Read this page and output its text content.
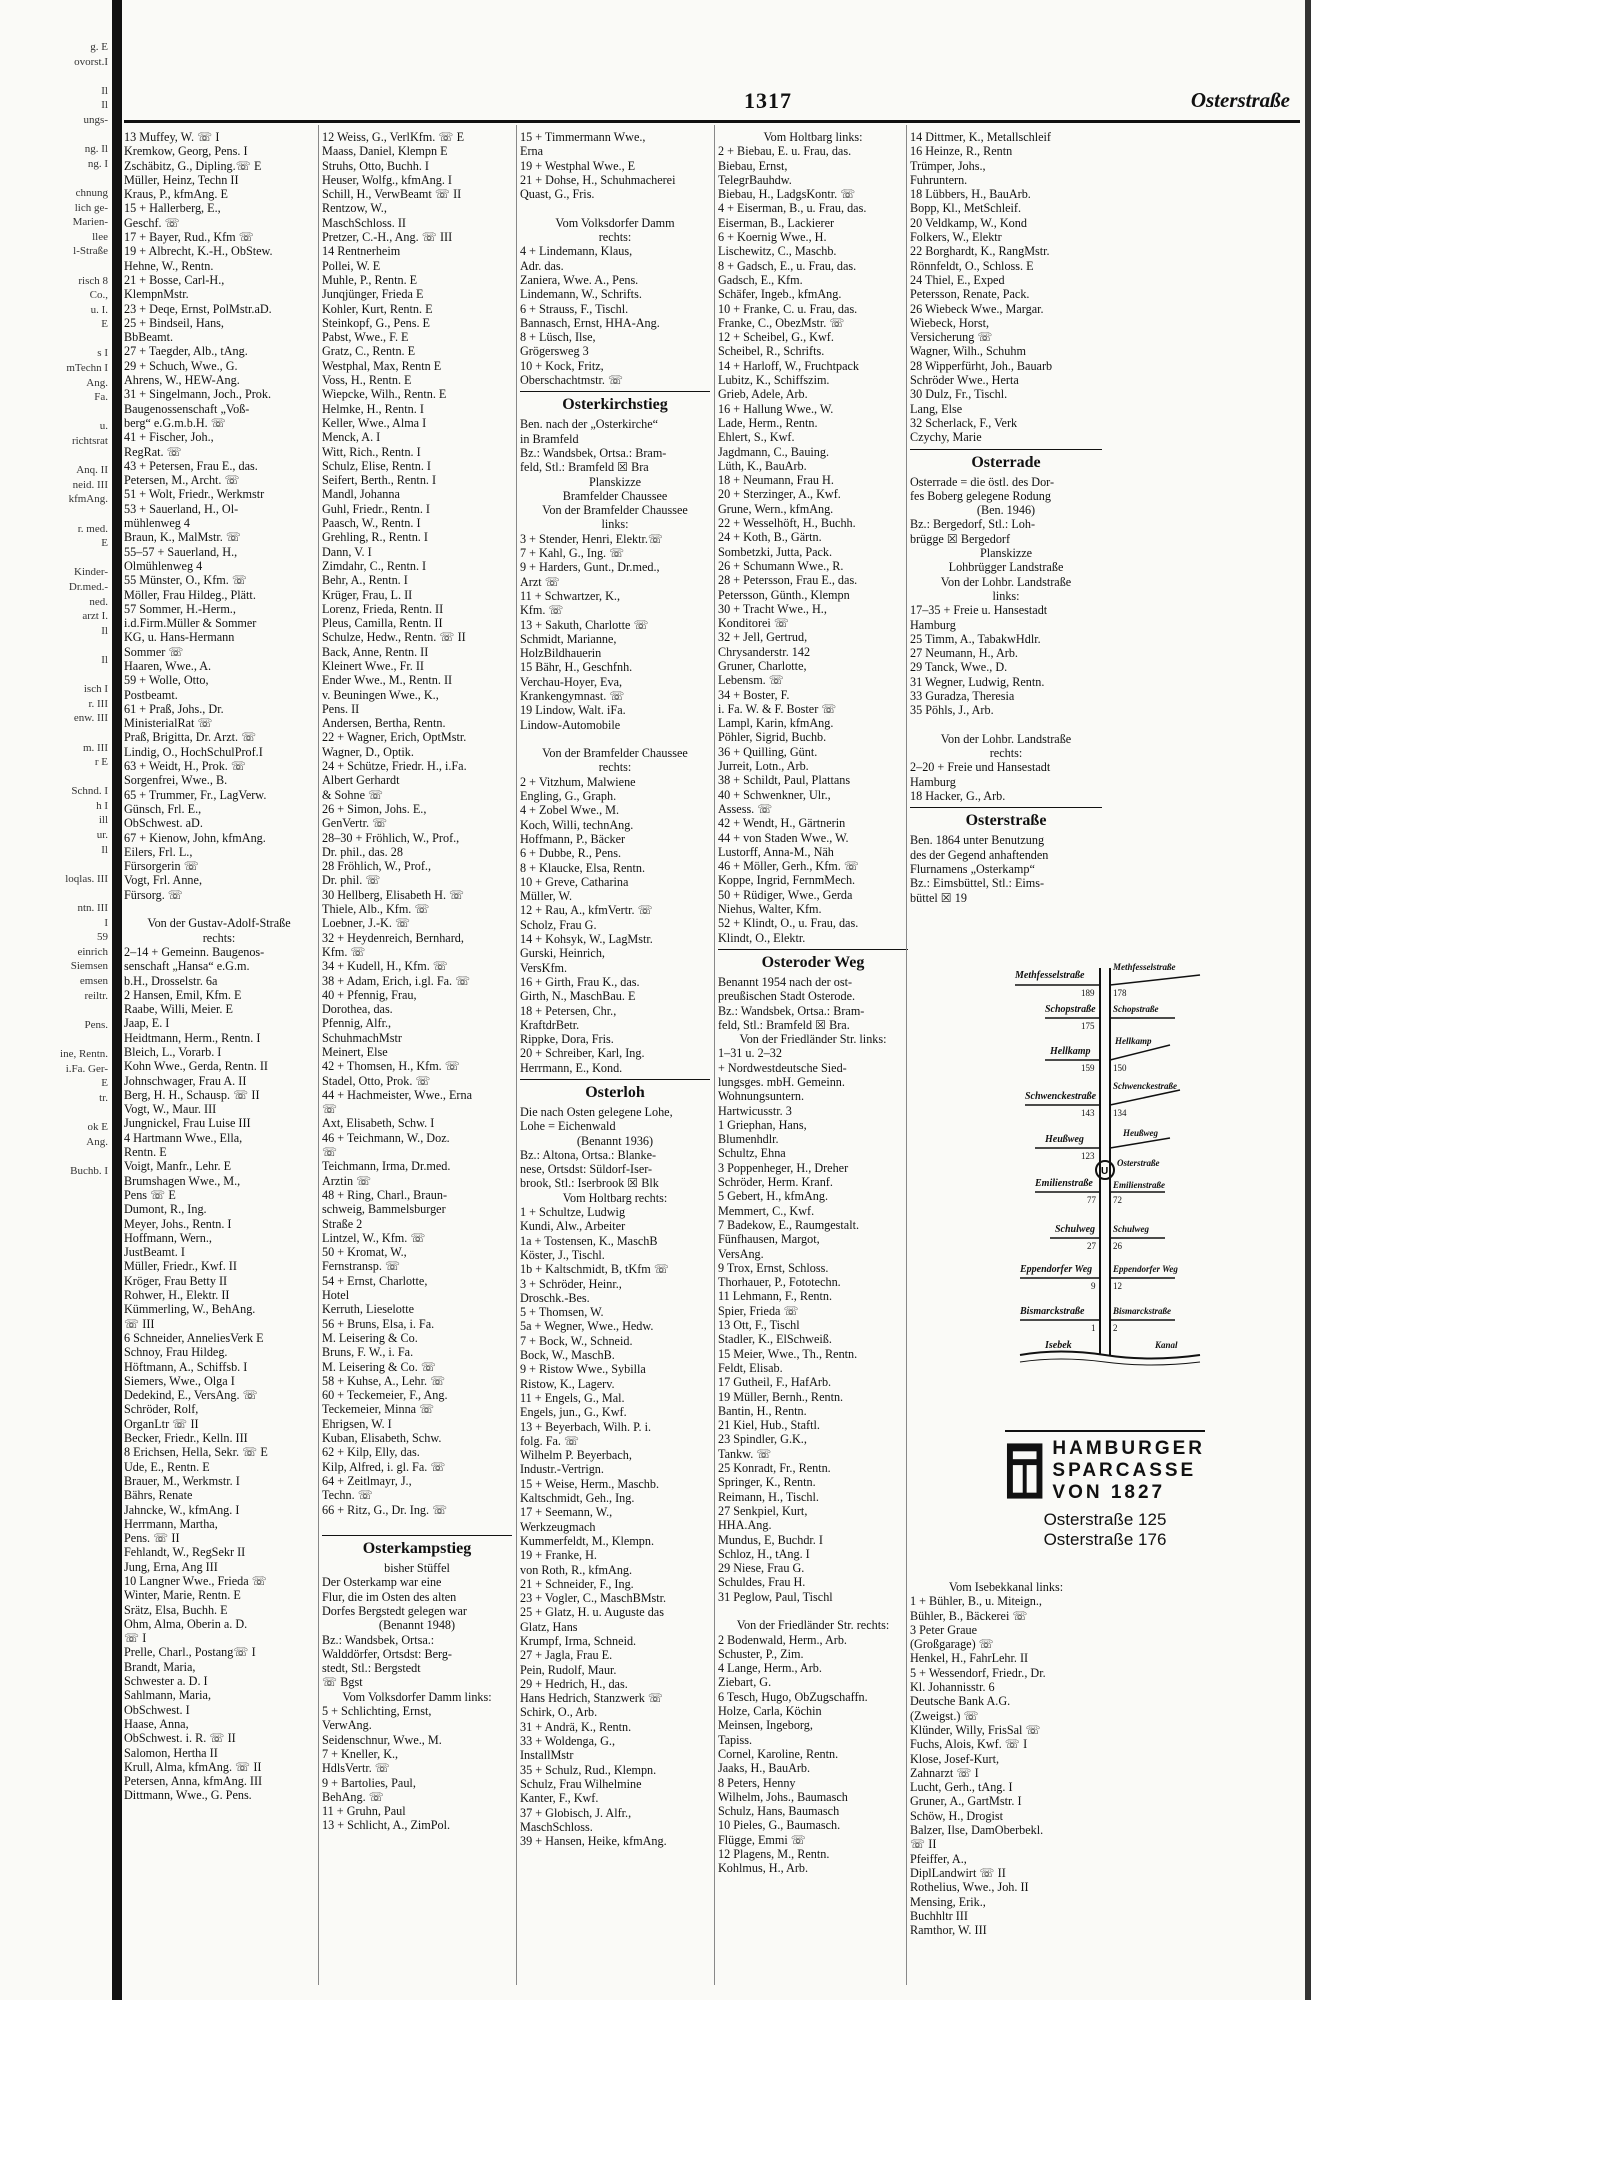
g. E
ovorst.I

Il
Il
ungs-

ng. Il
ng. I

chnung
lich ge-
Marien-
llee
l-Straße

risch 8
Co.,
u. I.
E

s I
mTechn I
Ang.
Fa.

u.
richtsrat

Anq. II
neid. III
kfmAng.

r. med.
E

Kinder-
Dr.med.-
ned.
arzt I.
Il

Il

isch I
r. III
enw. III

m. III
r E

Schnd. I
h I
ill
ur.
Il

loqlas. III

ntn. III
I
59
einrich
Siemsen
emsen
reiltr.

Pens.

ine, Rentn.
i.Fa. Ger-
E
tr.

ok E
Ang.

Buchb. I
1317	Osterstraße
13 Muffey, W. ☏ I
Kremkow, Georg, Pens. I
Zschäbitz, G., Dipling.☏ E
Müller, Heinz, Techn II
Kraus, P., kfmAng. E
15 + Hallerberg, E.,
Geschf. ☏
17 + Bayer, Rud., Kfm ☏
19 + Albrecht, K.-H., ObStew.
Hehne, W., Rentn.
21 + Bosse, Carl-H.,
KlempnMstr.
23 + Deqe, Ernst, PolMstr.aD.
25 + Bindseil, Hans,
BbBeamt.
27 + Taegder, Alb., tAng.
29 + Schuch, Wwe., G.
Ahrens, W., HEW-Ang.
31 + Singelmann, Joch., Prok.
Baugenossenschaft „Voß-
berg“ e.G.m.b.H. ☏
41 + Fischer, Joh.,
RegRat. ☏
43 + Petersen, Frau E., das.
Petersen, M., Archt. ☏
51 + Wolt, Friedr., Werkmstr
53 + Sauerland, H., Ol-
mühlenweg 4
Braun, K., MalMstr. ☏
55–57 + Sauerland, H.,
Olmühlenweg 4
55 Münster, O., Kfm. ☏
Möller, Frau Hildeg., Plätt.
57 Sommer, H.-Herm.,
i.d.Firm.Müller & Sommer
KG, u. Hans-Hermann
Sommer ☏
Haaren, Wwe., A.
59 + Wolle, Otto,
Postbeamt.
61 + Praß, Johs., Dr.
MinisterialRat ☏
Praß, Brigitta, Dr. Arzt. ☏
Lindig, O., HochSchulProf.I
63 + Weidt, H., Prok. ☏
Sorgenfrei, Wwe., B.
65 + Trummer, Fr., LagVerw.
Günsch, Frl. E.,
ObSchwest. aD.
67 + Kienow, John, kfmAng.
Eilers, Frl. L.,
Fürsorgerin ☏
Vogt, Frl. Anne,
Fürsorg. ☏

Von der Gustav-Adolf-Straße
rechts:
2–14 + Gemeinn. Baugenos-
senschaft „Hansa“ e.G.m.
b.H., Drosselstr. 6a
2 Hansen, Emil, Kfm. E
Raabe, Willi, Meier. E
Jaap, E. I
Heidtmann, Herm., Rentn. I
Bleich, L., Vorarb. I
Kohn Wwe., Gerda, Rentn. II
Johnschwager, Frau A. II
Berg, H. H., Schausp. ☏ II
Vogt, W., Maur. III
Jungnickel, Frau Luise III
4 Hartmann Wwe., Ella,
Rentn. E
Voigt, Manfr., Lehr. E
Brumshagen Wwe., M.,
Pens ☏ E
Dumont, R., Ing.
Meyer, Johs., Rentn. I
Hoffmann, Wern.,
JustBeamt. I
Müller, Friedr., Kwf. II
Kröger, Frau Betty II
Rohwer, H., Elektr. II
Kümmerling, W., BehAng.
☏ III
6 Schneider, AnneliesVerk E
Schnoy, Frau Hildeg.
Höftmann, A., Schiffsb. I
Siemers, Wwe., Olga I
Dedekind, E., VersAng. ☏
Schröder, Rolf,
OrganLtr ☏ II
Becker, Friedr., Kelln. III
8 Erichsen, Hella, Sekr. ☏ E
Ude, E., Rentn. E
Brauer, M., Werkmstr. I
Bährs, Renate
Jahncke, W., kfmAng. I
Herrmann, Martha,
Pens. ☏ II
Fehlandt, W., RegSekr II
Jung, Erna, Ang III
10 Langner Wwe., Frieda ☏
Winter, Marie, Rentn. E
Srätz, Elsa, Buchh. E
Ohm, Alma, Oberin a. D.
☏ I
Prelle, Charl., Postang☏ I
Brandt, Maria,
Schwester a. D. I
Sahlmann, Maria,
ObSchwest. I
Haase, Anna,
ObSchwest. i. R. ☏ II
Salomon, Hertha II
Krull, Alma, kfmAng. ☏ II
Petersen, Anna, kfmAng. III
Dittmann, Wwe., G. Pens.
12 Weiss, G., VerlKfm. ☏ E
Maass, Daniel, Klempn E
Struhs, Otto, Buchh. I
Heuser, Wolfg., kfmAng. I
Schill, H., VerwBeamt ☏ II
Rentzow, W.,
MaschSchloss. II
Pretzer, C.-H., Ang. ☏ III
14 Rentnerheim
Pollei, W. E
Muhle, P., Rentn. E
Junqjünger, Frieda E
Kohler, Kurt, Rentn. E
Steinkopf, G., Pens. E
Pabst, Wwe., F. E
Gratz, C., Rentn. E
Westphal, Max, Rentn E
Voss, H., Rentn. E
Wiepcke, Wilh., Rentn. E
Helmke, H., Rentn. I
Keller, Wwe., Alma I
Menck, A. I
Witt, Rich., Rentn. I
Schulz, Elise, Rentn. I
Seifert, Berth., Rentn. I
Mandl, Johanna
Guhl, Friedr., Rentn. I
Paasch, W., Rentn. I
Grehling, R., Rentn. I
Dann, V. I
Zimdahr, C., Rentn. I
Behr, A., Rentn. I
Krüger, Frau, L. II
Lorenz, Frieda, Rentn. II
Pleus, Camilla, Rentn. II
Schulze, Hedw., Rentn. ☏ II
Back, Anne, Rentn. II
Kleinert Wwe., Fr. II
Ender Wwe., M., Rentn. II
v. Beuningen Wwe., K.,
Pens. II
Andersen, Bertha, Rentn.
22 + Wagner, Erich, OptMstr.
Wagner, D., Optik.
24 + Schütze, Friedr. H., i.Fa.
Albert Gerhardt
& Sohne ☏
26 + Simon, Johs. E.,
GenVertr. ☏
28–30 + Fröhlich, W., Prof.,
Dr. phil., das. 28
28 Fröhlich, W., Prof.,
Dr. phil. ☏
30 Hellberg, Elisabeth H. ☏
Thiele, Alb., Kfm. ☏
Loebner, J.-K. ☏
32 + Heydenreich, Bernhard,
Kfm. ☏
34 + Kudell, H., Kfm. ☏
38 + Adam, Erich, i.gl. Fa. ☏
40 + Pfennig, Frau,
Dorothea, das.
Pfennig, Alfr.,
SchuhmachMstr
Meinert, Else
42 + Thomsen, H., Kfm. ☏
Stadel, Otto, Prok. ☏
44 + Hachmeister, Wwe., Erna
☏
Axt, Elisabeth, Schw. I
46 + Teichmann, W., Doz.
☏
Teichmann, Irma, Dr.med.
Arztin ☏
48 + Ring, Charl., Braun-
schweig, Bammelsburger
Straße 2
Lintzel, W., Kfm. ☏
50 + Kromat, W.,
Fernstransp. ☏
54 + Ernst, Charlotte,
Hotel
Kerruth, Lieselotte
56 + Bruns, Elsa, i. Fa.
M. Leisering & Co.
Bruns, F. W., i. Fa.
M. Leisering & Co. ☏
58 + Kuhse, A., Lehr. ☏
60 + Teckemeier, F., Ang.
Teckemeier, Minna ☏
Ehrigsen, W. I
Kuban, Elisabeth, Schw.
62 + Kilp, Elly, das.
Kilp, Alfred, i. gl. Fa. ☏
64 + Zeitlmayr, J.,
Techn. ☏
66 + Ritz, G., Dr. Ing. ☏

Osterkampstieg
bisher Stüffel
Der Osterkamp war eine
Flur, die im Osten des alten
Dorfes Bergstedt gelegen war
(Benannt 1948)
Bz.: Wandsbek, Ortsa.:
Walddörfer, Ortsdst: Berg-
stedt, Stl.: Bergstedt
☏ Bgst
Vom Volksdorfer Damm links:
5 + Schlichting, Ernst,
VerwAng.
Seidenschnur, Wwe., M.
7 + Kneller, K.,
HdlsVertr. ☏
9 + Bartolies, Paul,
BehAng. ☏
11 + Gruhn, Paul
13 + Schlicht, A., ZimPol.
15 + Timmermann Wwe.,
Erna
19 + Westphal Wwe., E
21 + Dohse, H., Schuhmacherei
Quast, G., Fris.

Vom Volksdorfer Damm
rechts:
4 + Lindemann, Klaus,
Adr. das.
Zaniera, Wwe. A., Pens.
Lindemann, W., Schrifts.
6 + Strauss, F., Tischl.
Bannasch, Ernst, HHA-Ang.
8 + Lüsch, Ilse,
Grögersweg 3
10 + Kock, Fritz,
Oberschachtmstr. ☏
Osterkirchstieg
Ben. nach der „Osterkirche“
in Bramfeld
Bz.: Wandsbek, Ortsa.: Bram-
feld, Stl.: Bramfeld ☒ Bra
Planskizze
Bramfelder Chaussee
Von der Bramfelder Chaussee
links:
3 + Stender, Henri, Elektr.☏
7 + Kahl, G., Ing. ☏
9 + Harders, Gunt., Dr.med.,
Arzt ☏
11 + Schwartzer, K.,
Kfm. ☏
13 + Sakuth, Charlotte ☏
Schmidt, Marianne,
HolzBildhauerin
15 Bähr, H., Geschfnh.
Verchau-Hoyer, Eva,
Krankengymnast. ☏
19 Lindow, Walt. iFa.
Lindow-Automobile

Von der Bramfelder Chaussee
rechts:
2 + Vitzhum, Malwiene
Engling, G., Graph.
4 + Zobel Wwe., M.
Koch, Willi, technAng.
Hoffmann, P., Bäcker
6 + Dubbe, R., Pens.
8 + Klaucke, Elsa, Rentn.
10 + Greve, Catharina
Müller, W.
12 + Rau, A., kfmVertr. ☏
Scholz, Frau G.
14 + Kohsyk, W., LagMstr.
Gurski, Heinrich,
VersKfm.
16 + Girth, Frau K., das.
Girth, N., MaschBau. E
18 + Petersen, Chr.,
KraftdrBetr.
Rippke, Dora, Fris.
20 + Schreiber, Karl, Ing.
Herrmann, E., Kond.
Osterloh
Die nach Osten gelegene Lohe,
Lohe = Eichenwald
(Benannt 1936)
Bz.: Altona, Ortsa.: Blanke-
nese, Ortsdst: Süldorf-Iser-
brook, Stl.: Iserbrook ☒ Blk
Vom Holtbarg rechts:
1 + Schultze, Ludwig
Kundi, Alw., Arbeiter
1a + Tostensen, K., MaschB
Köster, J., Tischl.
1b + Kaltschmidt, B, tKfm ☏
3 + Schröder, Heinr.,
Droschk.-Bes.
5 + Thomsen, W.
5a + Wegner, Wwe., Hedw.
7 + Bock, W., Schneid.
Bock, W., MaschB.
9 + Ristow Wwe., Sybilla
Ristow, K., Lagerv.
11 + Engels, G., Mal.
Engels, jun., G., Kwf.
13 + Beyerbach, Wilh. P. i.
folg. Fa. ☏
Wilhelm P. Beyerbach,
Industr.-Vertrign.
15 + Weise, Herm., Maschb.
Kaltschmidt, Geh., Ing.
17 + Seemann, W.,
Werkzeugmach
Kummerfeldt, M., Klempn.
19 + Franke, H.
von Roth, R., kfmAng.
21 + Schneider, F., Ing.
23 + Vogler, C., MaschBMstr.
25 + Glatz, H. u. Auguste das
Glatz, Hans
Krumpf, Irma, Schneid.
27 + Jagla, Frau E.
Pein, Rudolf, Maur.
29 + Hedrich, H., das.
Hans Hedrich, Stanzwerk ☏
Schirk, O., Arb.
31 + Andrä, K., Rentn.
33 + Woldenga, G.,
InstallMstr
35 + Schulz, Rud., Klempn.
Schulz, Frau Wilhelmine
Kanter, F., Kwf.
37 + Globisch, J. Alfr.,
MaschSchloss.
39 + Hansen, Heike, kfmAng.
Vom Holtbarg links:
2 + Biebau, E. u. Frau, das.
Biebau, Ernst,
TelegrBauhdw.
Biebau, H., LadgsKontr. ☏
4 + Eiserman, B., u. Frau, das.
Eiserman, B., Lackierer
6 + Koernig Wwe., H.
Lischewitz, C., Maschb.
8 + Gadsch, E., u. Frau, das.
Gadsch, E., Kfm.
Schäfer, Ingeb., kfmAng.
10 + Franke, C. u. Frau, das.
Franke, C., ObezMstr. ☏
12 + Scheibel, G., Kwf.
Scheibel, R., Schrifts.
14 + Harloff, W., Fruchtpack
Lubitz, K., Schiffszim.
Grieb, Adele, Arb.
16 + Hallung Wwe., W.
Lade, Herm., Rentn.
Ehlert, S., Kwf.
Jagdmann, C., Bauing.
Lüth, K., BauArb.
18 + Neumann, Frau H.
20 + Sterzinger, A., Kwf.
Grune, Wern., kfmAng.
22 + Wesselhöft, H., Buchh.
24 + Koth, B., Gärtn.
Sombetzki, Jutta, Pack.
26 + Schumann Wwe., R.
28 + Petersson, Frau E., das.
Petersson, Günth., Klempn
30 + Tracht Wwe., H.,
Konditorei ☏
32 + Jell, Gertrud,
Chrysanderstr. 142
Gruner, Charlotte,
Lebensm. ☏
34 + Boster, F.
i. Fa. W. & F. Boster ☏
Lampl, Karin, kfmAng.
Pöhler, Sigrid, Buchb.
36 + Quilling, Günt.
Jurreit, Lotn., Arb.
38 + Schildt, Paul, Plattans
40 + Schwenkner, Ulr.,
Assess. ☏
42 + Wendt, H., Gärtnerin
44 + von Staden Wwe., W.
Lustorff, Anna-M., Näh
46 + Möller, Gerh., Kfm. ☏
Koppe, Ingrid, FernmMech.
50 + Rüdiger, Wwe., Gerda
Niehus, Walter, Kfm.
52 + Klindt, O., u. Frau, das.
Klindt, O., Elektr.
Osteroder Weg
Benannt 1954 nach der ost-
preußischen Stadt Osterode.
Bz.: Wandsbek, Ortsa.: Bram-
feld, Stl.: Bramfeld ☒ Bra.
Von der Friedländer Str. links:
1–31 u. 2–32
+ Nordwestdeutsche Sied-
lungsges. mbH. Gemeinn.
Wohnungsuntern.
Hartwicusstr. 3
1 Griephan, Hans,
Blumenhdlr.
Schultz, Ehna
3 Poppenheger, H., Dreher
Schröder, Herm. Kranf.
5 Gebert, H., kfmAng.
Memmert, C., Kwf.
7 Badekow, E., Raumgestalt.
Fünfhausen, Margot,
VersAng.
9 Trox, Ernst, Schloss.
Thorhauer, P., Fototechn.
11 Lehmann, F., Rentn.
Spier, Frieda ☏
13 Ott, F., Tischl
Stadler, K., ElSchweiß.
15 Meier, Wwe., Th., Rentn.
Feldt, Elisab.
17 Gutheil, F., HafArb.
19 Müller, Bernh., Rentn.
Bantin, H., Rentn.
21 Kiel, Hub., Staftl.
23 Spindler, G.K.,
Tankw. ☏
25 Konradt, Fr., Rentn.
Springer, K., Rentn.
Reimann, H., Tischl.
27 Senkpiel, Kurt,
HHA.Ang.
Mundus, E, Buchdr. I
Schloz, H., tAng. I
29 Niese, Frau G.
Schuldes, Frau H.
31 Peglow, Paul, Tischl

Von der Friedländer Str. rechts:
2 Bodenwald, Herm., Arb.
Schuster, P., Zim.
4 Lange, Herm., Arb.
Ziebart, G.
6 Tesch, Hugo, ObZugschaffn.
Holze, Carla, Köchin
Meinsen, Ingeborg,
Tapiss.
Cornel, Karoline, Rentn.
Jaaks, H., BauArb.
8 Peters, Henny
Wilhelm, Johs., Baumasch
Schulz, Hans, Baumasch
10 Pieles, G., Baumasch.
Flügge, Emmi ☏
12 Plagens, M., Rentn.
Kohlmus, H., Arb.
14 Dittmer, K., Metallschleif
16 Heinze, R., Rentn
Trümper, Johs.,
Fuhruntern.
18 Lübbers, H., BauArb.
Bopp, Kl., MetSchleif.
20 Veldkamp, W., Kond
Folkers, W., Elektr
22 Borghardt, K., RangMstr.
Rönnfeldt, O., Schloss. E
24 Thiel, E., Exped
Petersson, Renate, Pack.
26 Wiebeck Wwe., Margar.
Wiebeck, Horst,
Versicherung ☏
Wagner, Wilh., Schuhm
28 Wipperfürht, Joh., Bauarb
Schröder Wwe., Herta
30 Dulz, Fr., Tischl.
Lang, Else
32 Scherlack, F., Verk
Czychy, Marie
Osterrade
Osterrade = die östl. des Dor-
fes Boberg gelegene Rodung
(Ben. 1946)
Bz.: Bergedorf, Stl.: Loh-
brügge ☒ Bergedorf
Planskizze
Lohbrügger Landstraße
Von der Lohbr. Landstraße
links:
17–35 + Freie u. Hansestadt
Hamburg
25 Timm, A., TabakwHdlr.
27 Neumann, H., Arb.
29 Tanck, Wwe., D.
31 Wegner, Ludwig, Rentn.
33 Guradza, Theresia
35 Pöhls, J., Arb.

Von der Lohbr. Landstraße
rechts:
2–20 + Freie und Hansestadt
Hamburg
18 Hacker, G., Arb.
Osterstraße
Ben. 1864 unter Benutzung
des der Gegend anhaftenden
Flurnamens „Osterkamp“
Bz.: Eimsbüttel, Stl.: Eims-
büttel ☒ 19
Vom Isebekkanal links:
1 + Bühler, B., u. Miteign.,
Bühler, B., Bäckerei ☏
3 Peter Graue
(Großgarage) ☏
Henkel, H., FahrLehr. II
5 + Wessendorf, Friedr., Dr.
Kl. Johannisstr. 6
Deutsche Bank A.G.
(Zweigst.) ☏
Klünder, Willy, FrisSal ☏
Fuchs, Alois, Kwf. ☏ I
Klose, Josef-Kurt,
Zahnarzt ☏ I
Lucht, Gerh., tAng. I
Gruner, A., GartMstr. I
Schöw, H., Drogist
Balzer, Ilse, DamOberbekl.
☏ II
Pfeiffer, A.,
DiplLandwirt ☏ II
Rothelius, Wwe., Joh. II
Mensing, Erik.,
Buchhltr III
Ramthor, W. III
U
Methfesselstraße
Schopstraße
Hellkamp
Schwenckestraße
Heußweg
Emilienstraße
Schulweg
Eppendorfer Weg
Bismarckstraße
Isebek
189
175
159
143
123
77
27
9
1
Methfesselstraße
178
Schopstraße
Hellkamp
150
Schwenckestraße
134
Heußweg
Osterstraße
Emilienstraße
72
Schulweg
26
Eppendorfer Weg
12
Bismarckstraße
2
Kanal
HAMBURGER
SPARCASSE
VON 1827
Osterstraße 125
Osterstraße 176
